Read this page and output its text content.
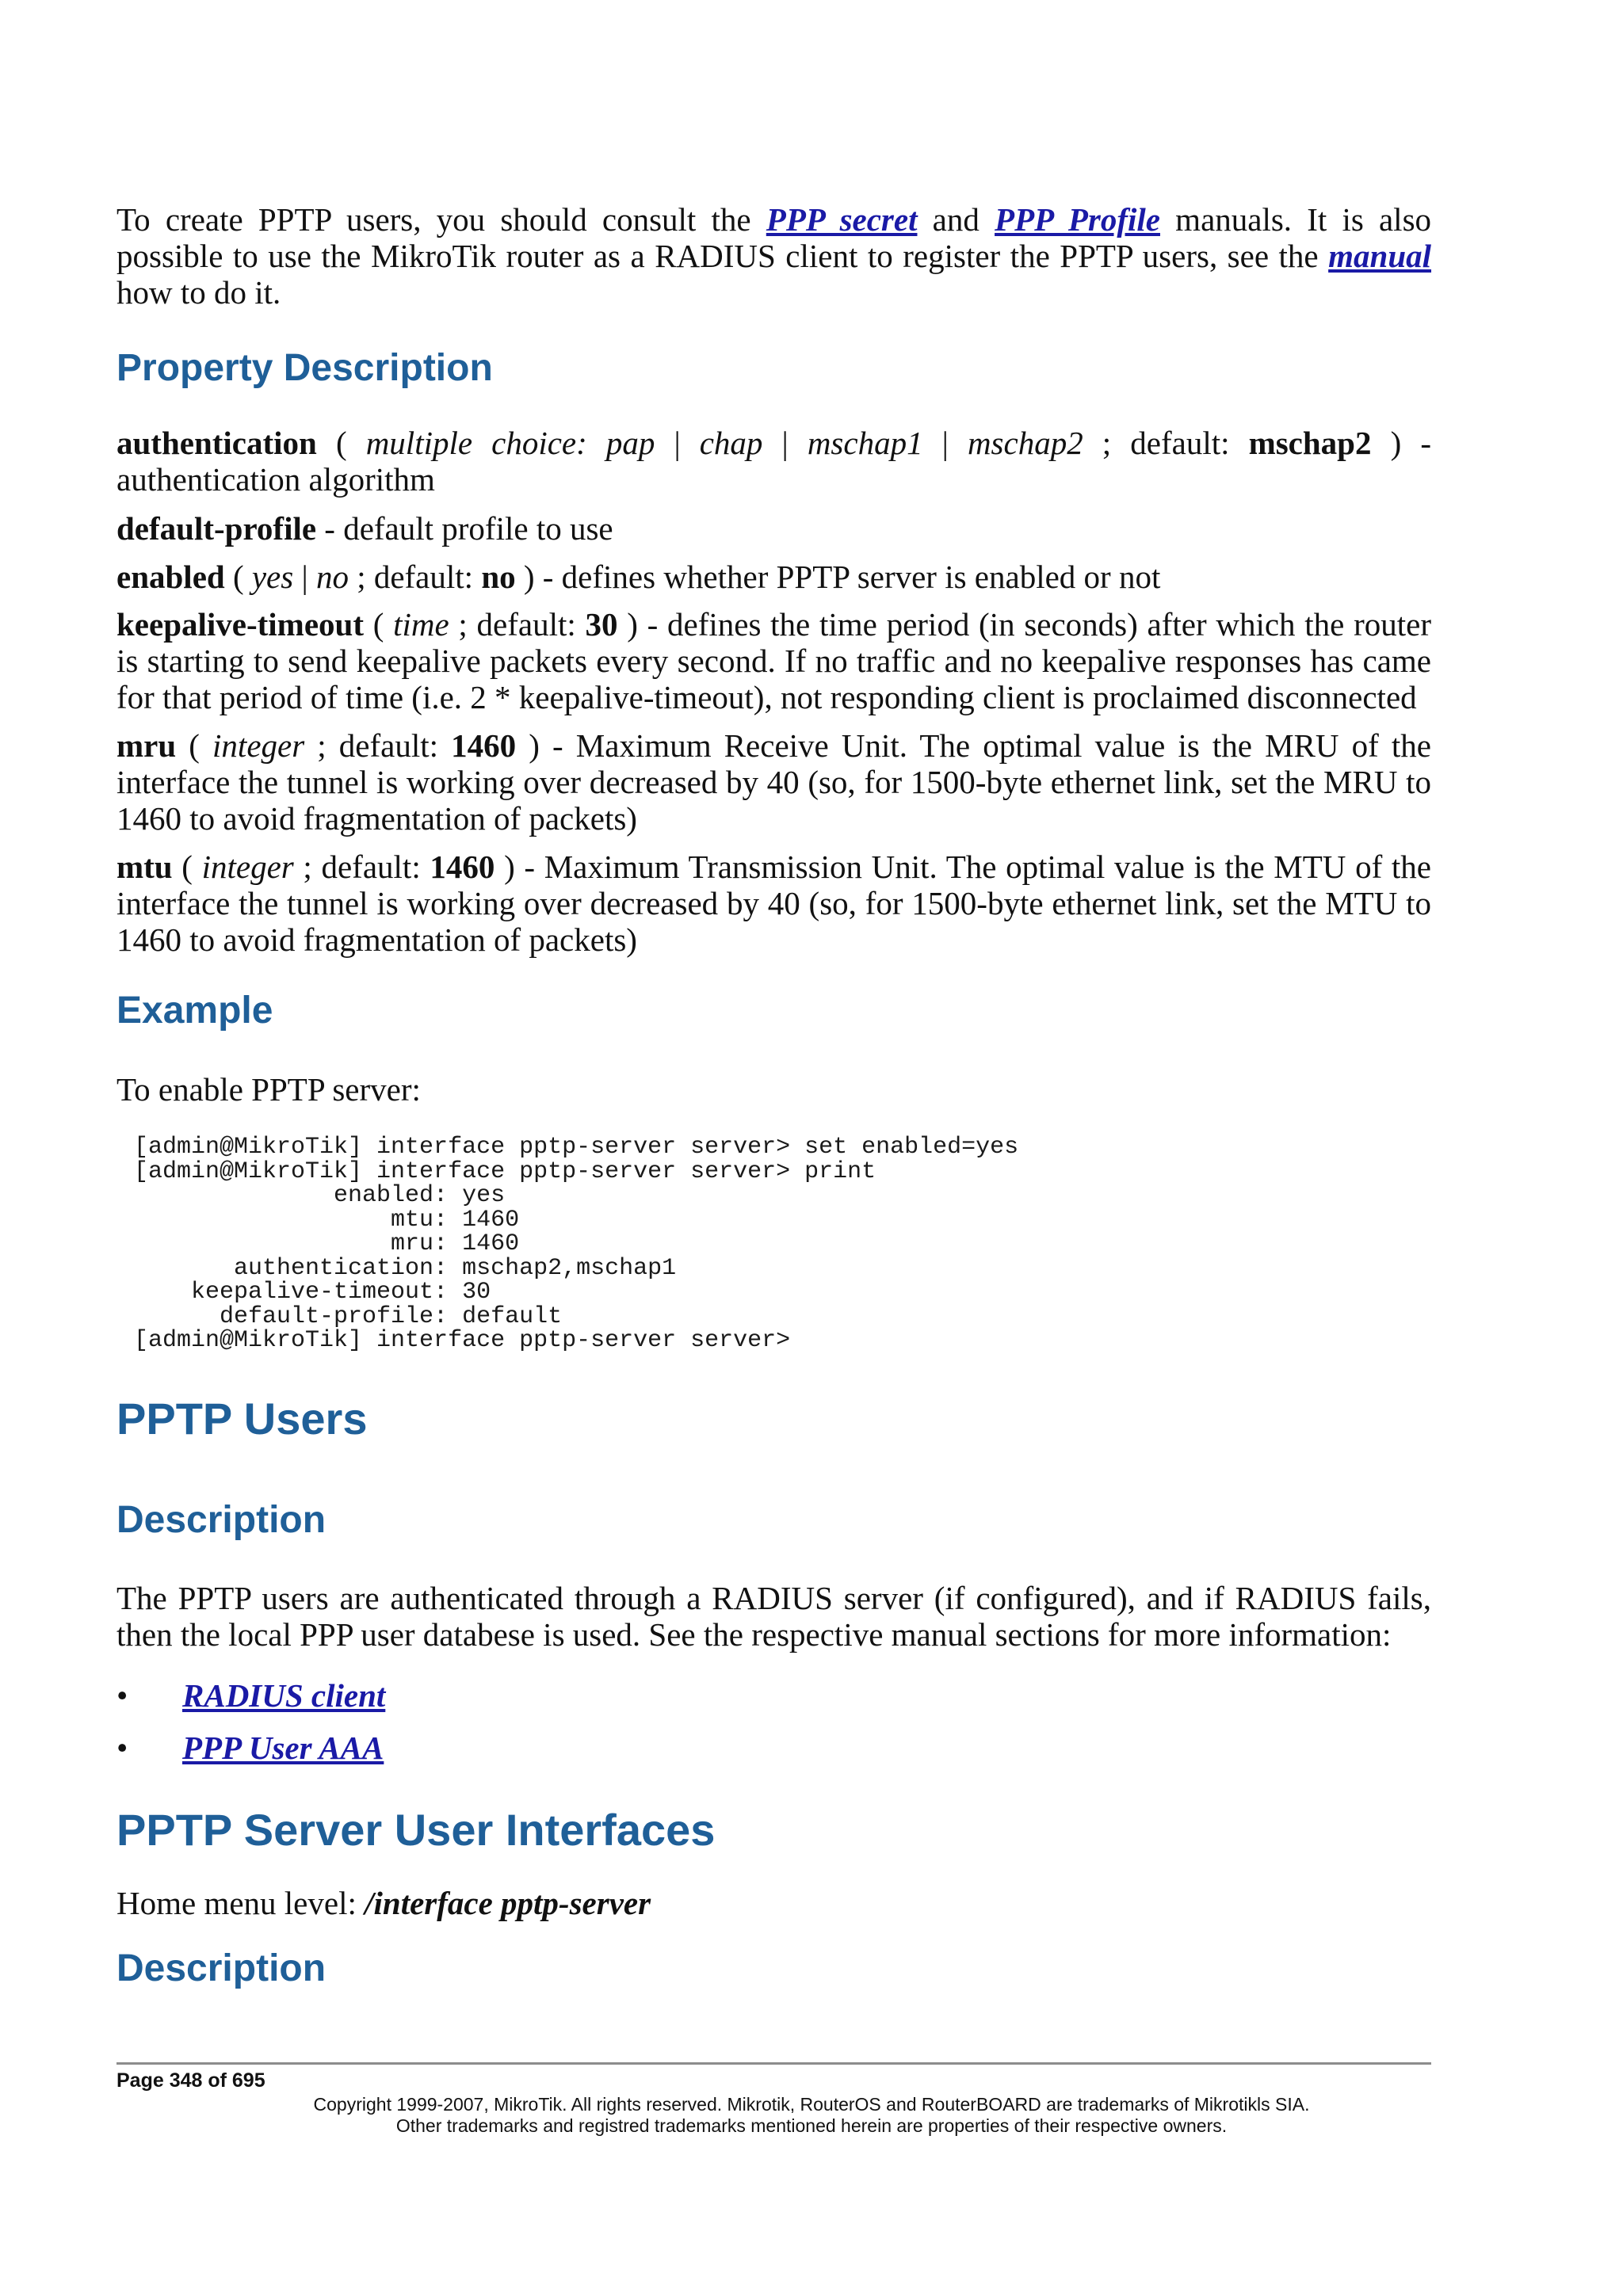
To create PPTP users, you should consult the PPP secret and PPP Profile manuals. It is also possible to use the MikroTik router as a RADIUS client to register the PPTP users, see the manual how to do it.

Property Description

authentication ( multiple choice: pap | chap | mschap1 | mschap2 ; default: mschap2 ) - authentication algorithm

default-profile - default profile to use

enabled ( yes | no ; default: no ) - defines whether PPTP server is enabled or not

keepalive-timeout ( time ; default: 30 ) - defines the time period (in seconds) after which the router is starting to send keepalive packets every second. If no traffic and no keepalive responses has came for that period of time (i.e. 2 * keepalive-timeout), not responding client is proclaimed disconnected

mru ( integer ; default: 1460 ) - Maximum Receive Unit. The optimal value is the MRU of the interface the tunnel is working over decreased by 40 (so, for 1500-byte ethernet link, set the MRU to 1460 to avoid fragmentation of packets)

mtu ( integer ; default: 1460 ) - Maximum Transmission Unit. The optimal value is the MTU of the interface the tunnel is working over decreased by 40 (so, for 1500-byte ethernet link, set the MTU to 1460 to avoid fragmentation of packets)

Example

To enable PPTP server:

[admin@MikroTik] interface pptp-server server> set enabled=yes
[admin@MikroTik] interface pptp-server server> print
enabled: yes
mtu: 1460
mru: 1460
authentication: mschap2,mschap1
keepalive-timeout: 30
default-profile: default
[admin@MikroTik] interface pptp-server server>
PPTP Users
Description

The PPTP users are authenticated through a RADIUS server (if configured), and if RADIUS fails, then the local PPP user databese is used. See the respective manual sections for more information:

• RADIUS client
• PPP User AAA
PPTP Server User Interfaces

Home menu level: /interface pptp-server

Description
Page 348 of 695
Copyright 1999-2007, MikroTik. All rights reserved. Mikrotik, RouterOS and RouterBOARD are trademarks of Mikrotikls SIA.
Other trademarks and registred trademarks mentioned herein are properties of their respective owners.
